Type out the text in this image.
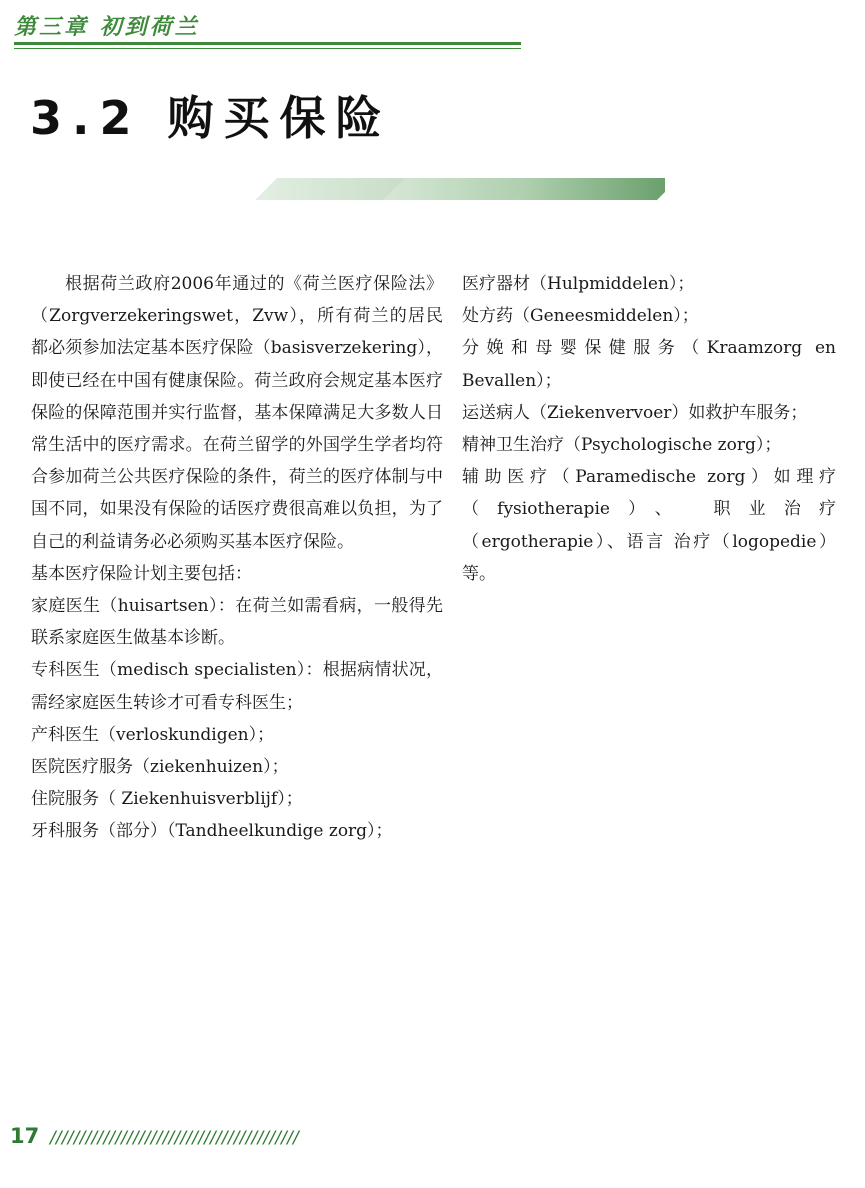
第三章 初到荷兰
3.2 购买保险

根据荷兰政府2006年通过的《荷兰医疗保险法》（Zorgverzekeringswet，Zvw），所有荷兰的居民都必须参加法定基本医疗保险（basisverzekering），即使已经在中国有健康保险。荷兰政府会规定基本医疗保险的保障范围并实行监督，基本保障满足大多数人日常生活中的医疗需求。在荷兰留学的外国学生学者均符合参加荷兰公共医疗保险的条件，荷兰的医疗体制与中国不同，如果没有保险的话医疗费很高难以负担，为了自己的利益请务必必须购买基本医疗保险。

基本医疗保险计划主要包括：

家庭医生（huisartsen）：在荷兰如需看病，一般得先联系家庭医生做基本诊断。

专科医生（medisch specialisten）：根据病情状况，需经家庭医生转诊才可看专科医生；

产科医生（verloskundigen）；

医院医疗服务（ziekenhuizen）；

住院服务（ Ziekenhuisverblijf）；

牙科服务（部分）（Tandheelkundige zorg）；

医疗器材（Hulpmiddelen）；

处方药（Geneesmiddelen）；

分娩和母婴保健服务（Kraamzorg en Bevallen）；

运送病人（Ziekenvervoer）如救护车服务；

精神卫生治疗（Psychologische zorg）；

辅助医疗（Paramedische zorg）如理疗（fysiotherapie）、 职业治疗（ergotherapie）、语言 治疗（logopedie）等。

17 //////////////////////////////////////////
